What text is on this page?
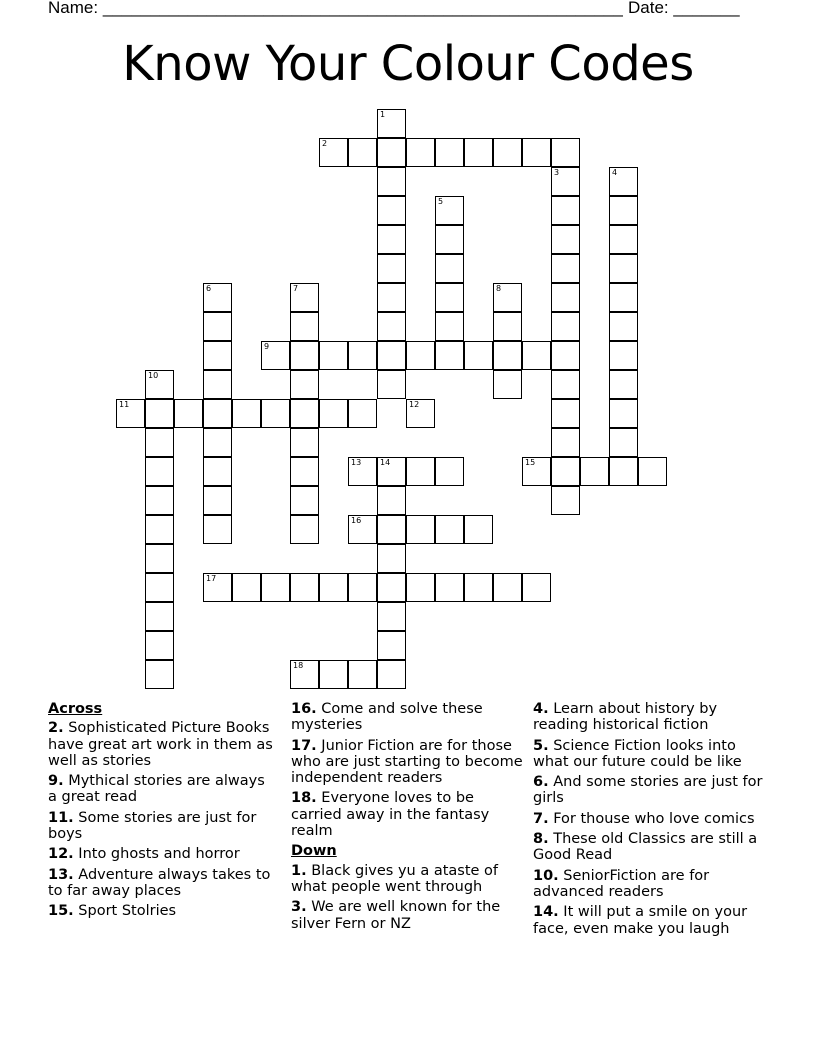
Name: _______________________________________________________ Date: _______
Know Your Colour Codes
1
2
3	4
5
6	7	8
9
10
11	12
13 14	15
16
17
18
Across
2. Sophisticated Picture Books have great art work in them as well as stories
9. Mythical stories are always a great read
11. Some stories are just for boys
12. Into ghosts and horror
13. Adventure always takes to to far away places
15. Sport Stolries
16. Come and solve these mysteries
17. Junior Fiction are for those who are just starting to become independent readers
18. Everyone loves to be carried away in the fantasy realm
Down
1. Black gives yu a ataste of what people went through
3. We are well known for the silver Fern or NZ
4. Learn about history by reading historical fiction
5. Science Fiction looks into what our future could be like
6. And some stories are just for girls
7. For thouse who love comics
8. These old Classics are still a Good Read
10. SeniorFiction are for advanced readers
14. It will put a smile on your face, even make you laugh
